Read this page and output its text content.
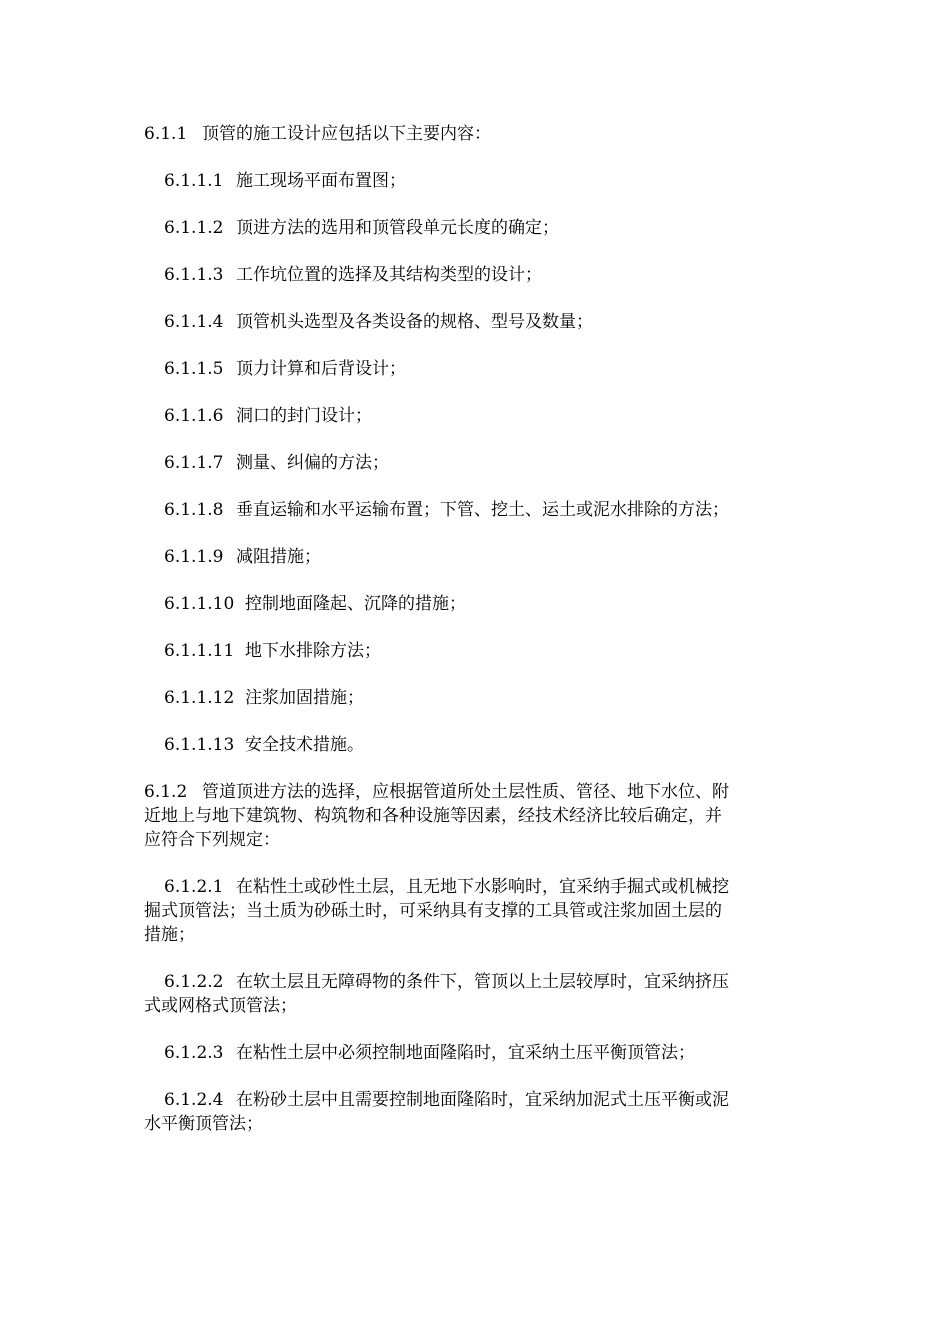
6.1.1 顶管的施工设计应包括以下主要内容：

6.1.1.1 施工现场平面布置图；

6.1.1.2 顶进方法的选用和顶管段单元长度的确定；

6.1.1.3 工作坑位置的选择及其结构类型的设计；

6.1.1.4 顶管机头选型及各类设备的规格、型号及数量；

6.1.1.5 顶力计算和后背设计；

6.1.1.6 洞口的封门设计；

6.1.1.7 测量、纠偏的方法；

6.1.1.8 垂直运输和水平运输布置；下管、挖土、运土或泥水排除的方法；

6.1.1.9 减阻措施；

6.1.1.10 控制地面隆起、沉降的措施；

6.1.1.11 地下水排除方法；

6.1.1.12 注浆加固措施；

6.1.1.13 安全技术措施。

6.1.2 管道顶进方法的选择，应根据管道所处土层性质、管径、地下水位、附

近地上与地下建筑物、构筑物和各种设施等因素，经技术经济比较后确定，并

应符合下列规定：

6.1.2.1 在粘性土或砂性土层，且无地下水影响时，宜采纳手掘式或机械挖

掘式顶管法；当土质为砂砾土时，可采纳具有支撑的工具管或注浆加固土层的

措施；

6.1.2.2 在软土层且无障碍物的条件下，管顶以上土层较厚时，宜采纳挤压

式或网格式顶管法；

6.1.2.3 在粘性土层中必须控制地面隆陷时，宜采纳土压平衡顶管法；

6.1.2.4 在粉砂土层中且需要控制地面隆陷时，宜采纳加泥式土压平衡或泥

水平衡顶管法；
